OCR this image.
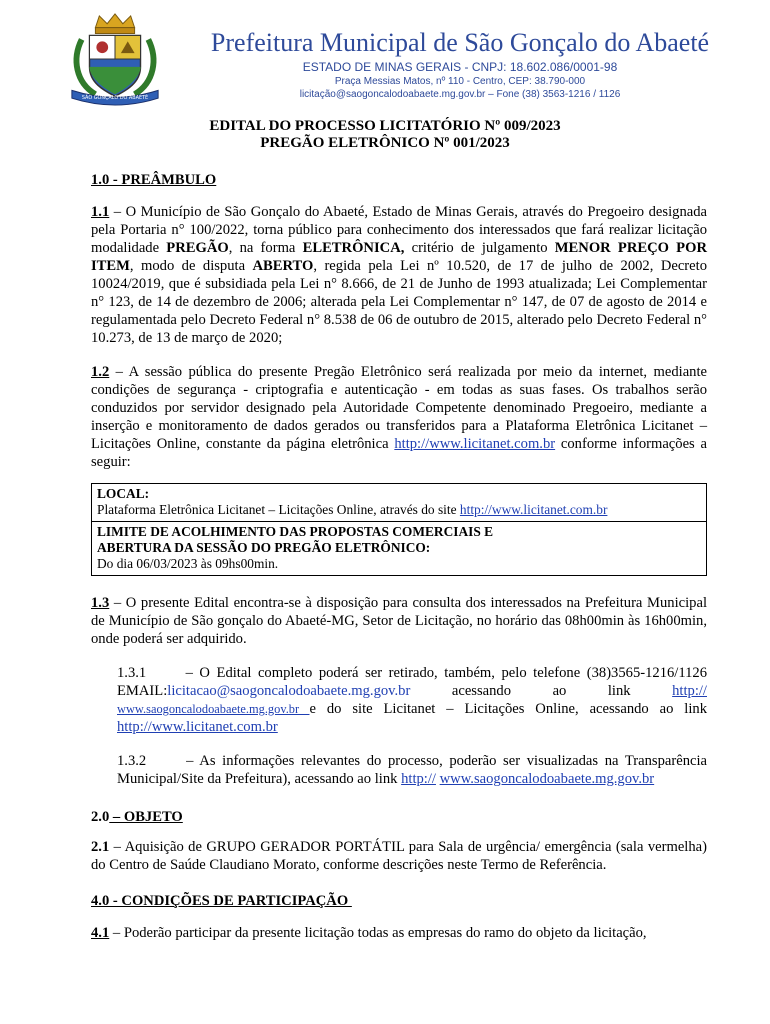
SÃO GONÇALO DO ABAETÉ
Prefeitura Municipal de São Gonçalo do Abaeté
ESTADO DE MINAS GERAIS - CNPJ: 18.602.086/0001-98
Praça Messias Matos, nº 110 - Centro, CEP: 38.790-000
licitação@saogoncalodoabaete.mg.gov.br – Fone (38) 3563-1216 / 1126
EDITAL DO PROCESSO LICITATÓRIO Nº 009/2023
PREGÃO ELETRÔNICO Nº 001/2023
1.0 - PREÂMBULO

1.1 – O Município de São Gonçalo do Abaeté, Estado de Minas Gerais, através do Pregoeiro designada pela Portaria n° 100/2022, torna público para conhecimento dos interessados que fará realizar licitação modalidade PREGÃO, na forma ELETRÔNICA, critério de julgamento MENOR PREÇO POR ITEM, modo de disputa ABERTO, regida pela Lei nº 10.520, de 17 de julho de 2002, Decreto 10024/2019, que é subsidiada pela Lei n° 8.666, de 21 de Junho de 1993 atualizada; Lei Complementar n° 123, de 14 de dezembro de 2006; alterada pela Lei Complementar n° 147, de 07 de agosto de 2014 e regulamentada pelo Decreto Federal n° 8.538 de 06 de outubro de 2015, alterado pelo Decreto Federal n° 10.273, de 13 de março de 2020;

1.2 – A sessão pública do presente Pregão Eletrônico será realizada por meio da internet, mediante condições de segurança - criptografia e autenticação - em todas as suas fases. Os trabalhos serão conduzidos por servidor designado pela Autoridade Competente denominado Pregoeiro, mediante a inserção e monitoramento de dados gerados ou transferidos para a Plataforma Eletrônica Licitanet – Licitações Online, constante da página eletrônica http://www.licitanet.com.br conforme informações a seguir:

LOCAL:
Plataforma Eletrônica Licitanet – Licitações Online, através do site http://www.licitanet.com.br
LIMITE DE ACOLHIMENTO DAS PROPOSTAS COMERCIAIS E
ABERTURA DA SESSÃO DO PREGÃO ELETRÔNICO:
Do dia 06/03/2023 às 09hs00min.

1.3 – O presente Edital encontra-se à disposição para consulta dos interessados na Prefeitura Municipal de Município de São gonçalo do Abaeté-MG, Setor de Licitação, no horário das 08h00min às 16h00min, onde poderá ser adquirido.

1.3.1      – O Edital completo poderá ser retirado, também, pelo telefone (38)3565-1216/1126 EMAIL:licitacao@saogoncalodoabaete.mg.gov.br        acessando        ao        link        http:// www.saogoncalodoabaete.mg.gov.br e do site Licitanet – Licitações Online, acessando ao link http://www.licitanet.com.br

1.3.2      – As informações relevantes do processo, poderão ser visualizadas na Transparência Municipal/Site da Prefeitura), acessando ao link http:// www.saogoncalodoabaete.mg.gov.br

2.0 – OBJETO

2.1 – Aquisição de GRUPO GERADOR PORTÁTIL para Sala de urgência/ emergência (sala vermelha) do Centro de Saúde Claudiano Morato, conforme descrições neste Termo de Referência.

4.0 - CONDIÇÕES DE PARTICIPAÇÃO

4.1 – Poderão participar da presente licitação todas as empresas do ramo do objeto da licitação,
